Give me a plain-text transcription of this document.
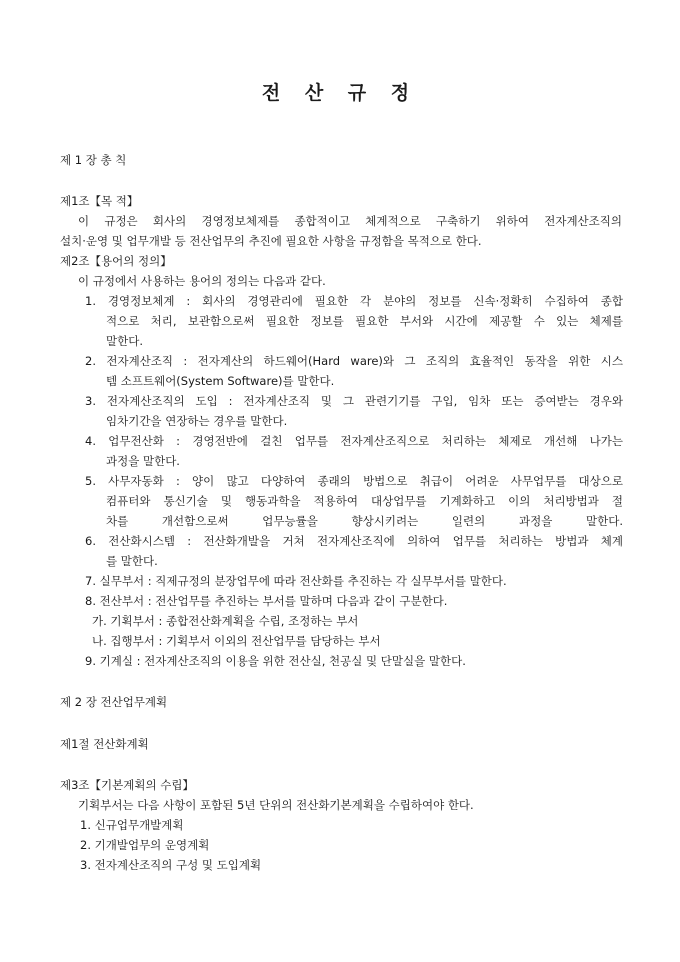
전 산 규 정
제 1 장 총 칙
제1조【목 적】
이 규정은 회사의 경영정보체제를 종합적이고 체계적으로 구축하기 위하여 전자계산조직의
설치·운영 및 업무개발 등 전산업무의 추진에 필요한 사항을 규정함을 목적으로 한다.
제2조【용어의 정의】
이 규정에서 사용하는 용어의 정의는 다음과 같다.
1. 경영정보체계 : 회사의 경영관리에 필요한 각 분야의 정보를 신속·정확히 수집하여 종합
적으로 처리, 보관함으로써 필요한 정보를 필요한 부서와 시간에 제공할 수 있는 체제를
말한다.
2. 전자계산조직 : 전자계산의 하드웨어(Hard ware)와 그 조직의 효율적인 동작을 위한 시스
템 소프트웨어(System Software)를 말한다.
3. 전자계산조직의 도입 : 전자계산조직 및 그 관련기기를 구입, 임차 또는 증여받는 경우와
임차기간을 연장하는 경우를 말한다.
4. 업무전산화 : 경영전반에 걸친 업무를 전자계산조직으로 처리하는 체제로 개선해 나가는
과정을 말한다.
5. 사무자동화 : 양이 많고 다양하여 종래의 방법으로 취급이 어려운 사무업무를 대상으로
컴퓨터와 통신기술 및 행동과학을 적용하여 대상업무를 기계화하고 이의 처리방법과 절
차를 개선함으로써 업무능률을 향상시키려는 일련의 과정을 말한다.
6. 전산화시스템 : 전산화개발을 거쳐 전자계산조직에 의하여 업무를 처리하는 방법과 체계
를 말한다.
7. 실무부서 : 직제규정의 분장업무에 따라 전산화를 추진하는 각 실무부서를 말한다.
8. 전산부서 : 전산업무를 추진하는 부서를 말하며 다음과 같이 구분한다.
가. 기획부서 : 종합전산화계획을 수립, 조정하는 부서
나. 집행부서 : 기획부서 이외의 전산업무를 담당하는 부서
9. 기계실 : 전자계산조직의 이용을 위한 전산실, 천공실 및 단말실을 말한다.
제 2 장 전산업무계획
제1절 전산화계획
제3조【기본계획의 수립】
기획부서는 다음 사항이 포함된 5년 단위의 전산화기본계획을 수립하여야 한다.
1. 신규업무개발계획
2. 기개발업무의 운영계획
3. 전자계산조직의 구성 및 도입계획
